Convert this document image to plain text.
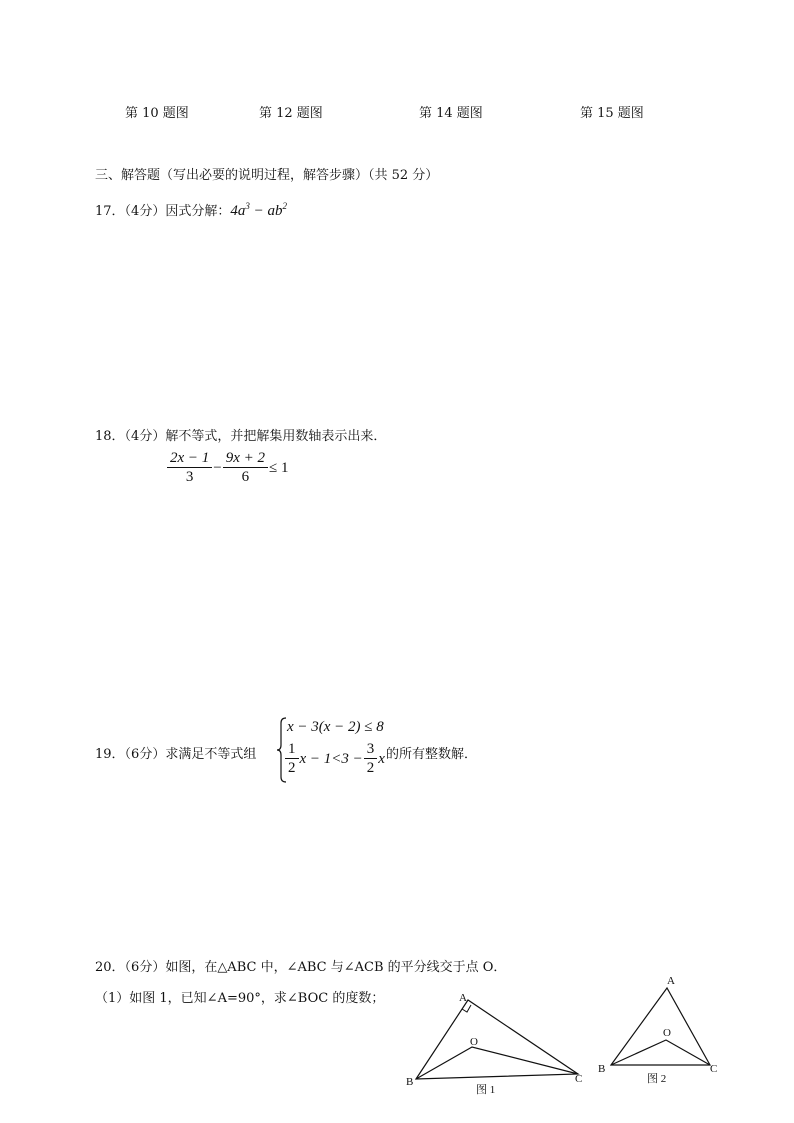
第 10 题图	第 12 题图	第 14 题图	第 15 题图
三、解答题（写出必要的说明过程，解答步骤）（共 52 分）
17．（4分）因式分解：$4a^3 - ab^2$
18．（4分）解不等式，并把解集用数轴表示出来．
$\frac{2x - 1}{3} - \frac{9x + 2}{6} \le 1$
19．（6分）求满足不等式组
x − 3(x − 2) ≤ 8
$\frac{1}{2}$ $x - 1<3 - \frac{3}{2}$ x 的所有整数解．
20．（6分）如图，在△ABC 中，∠ABC 与∠ACB 的平分线交于点 O．
（1）如图 1，已知∠A=90°，求∠BOC 的度数；	A
B	C
O
图 1
A
B	C
O
图 2
